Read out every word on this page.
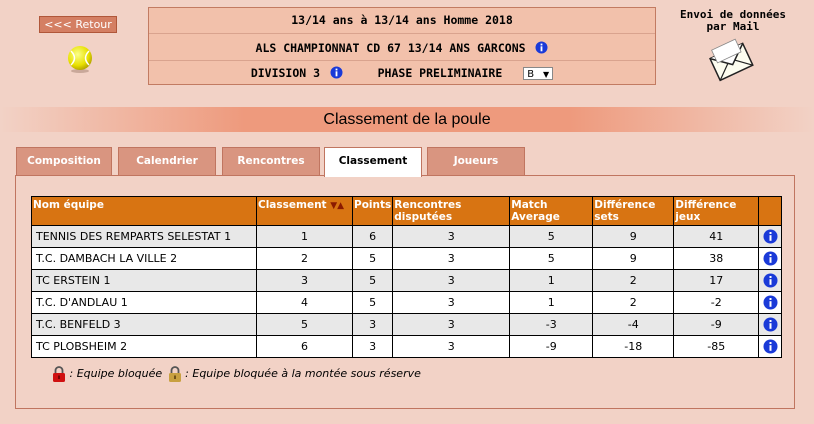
<<< Retour	13/14 ans à 13/14 ans Homme 2018
ALS CHAMPIONNAT CD 67 13/14 ANS GARCONS
DIVISION 3	PHASE PRELIMINAIRE B ▼
Envoi de données
par Mail
Classement de la poule
Composition	Calendrier	Rencontres	Classement	Joueurs
Nom équipe	Classement ▼▲	Points	Rencontres disputées	Match Average	Différence sets	Différence jeux	
TENNIS DES REMPARTS SELESTAT 1	1	6	3	5	9	41	

T.C. DAMBACH LA VILLE 2	2	5	3	5	9	38	

TC ERSTEIN 1	3	5	3	1	2	17	

T.C. D'ANDLAU 1	4	5	3	1	2	-2	

T.C. BENFELD 3	5	3	3	-3	-4	-9	

TC PLOBSHEIM 2	6	3	3	-9	-18	-85	
: Equipe bloquée : Equipe bloquée à la montée sous réserve
